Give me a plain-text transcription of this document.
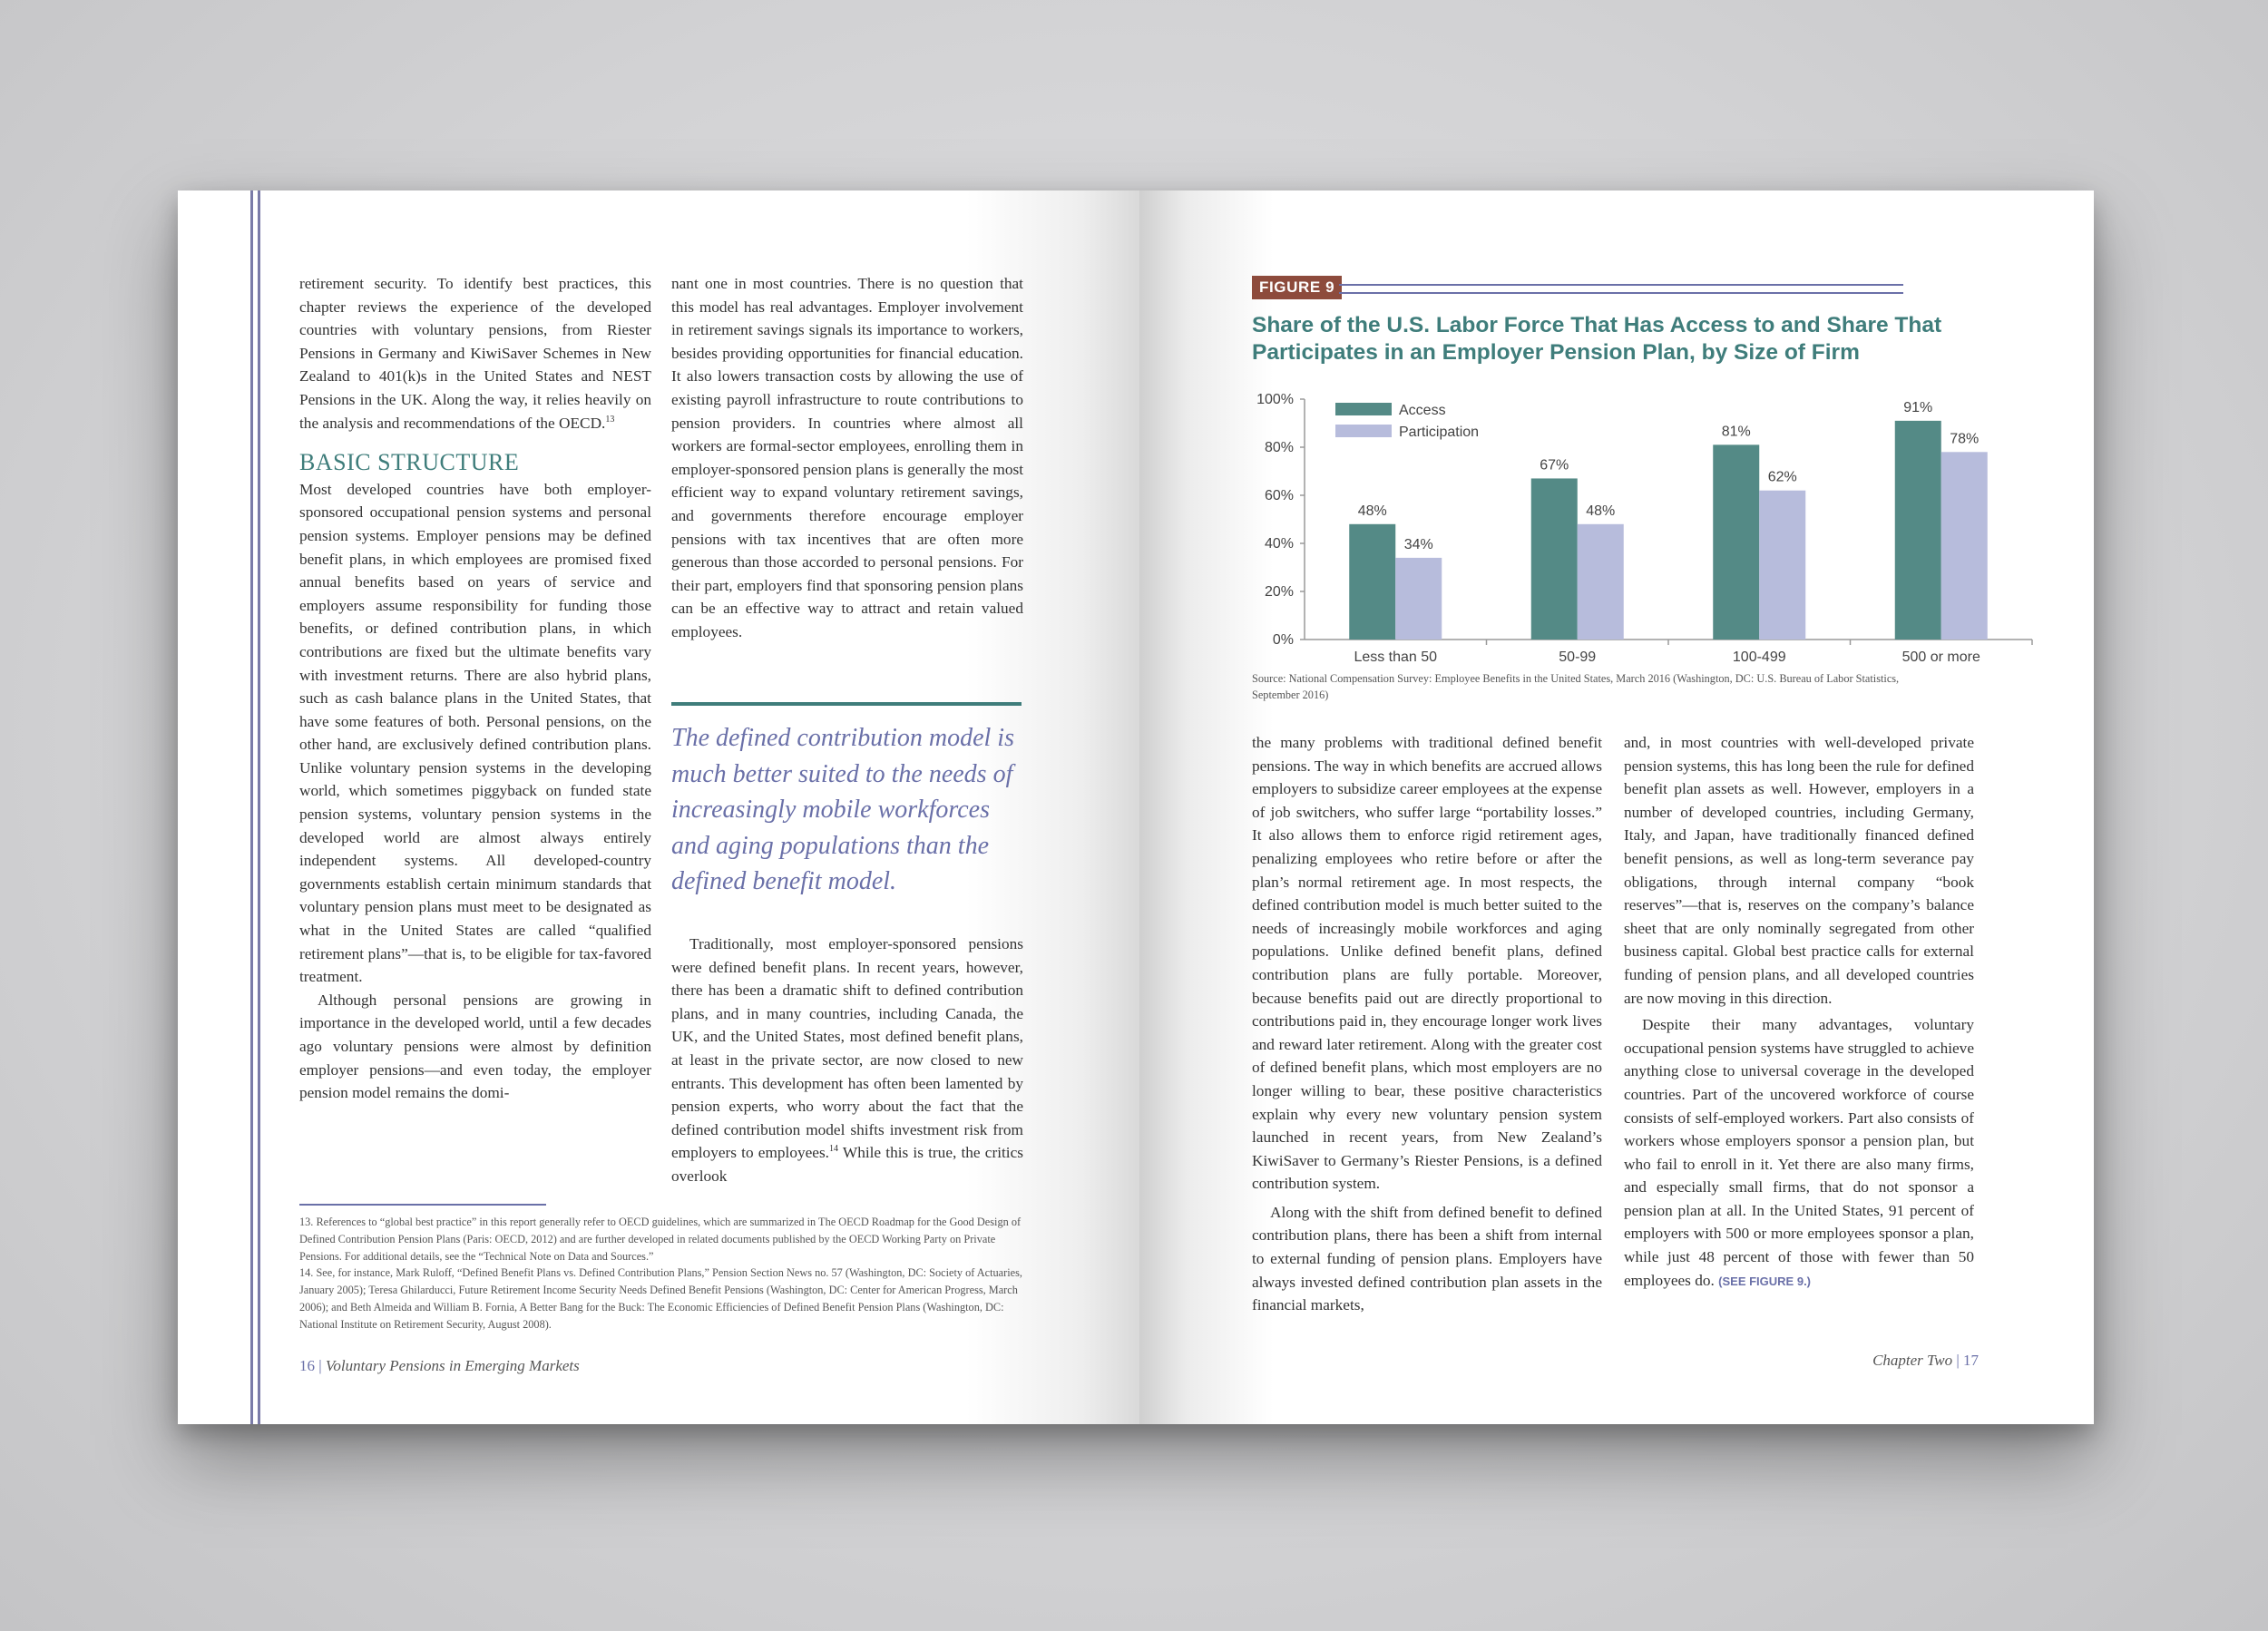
retirement security. To identify best practices, this chapter reviews the experience of the developed countries with voluntary pensions, from Riester Pensions in Germany and KiwiSaver Schemes in New Zealand to 401(k)s in the United States and NEST Pensions in the UK. Along the way, it relies heavily on the analysis and recommendations of the OECD.$^{13}$

BASIC STRUCTURE

Most developed countries have both employer-sponsored occupational pension systems and personal pension systems. Employer pensions may be defined benefit plans, in which employees are promised fixed annual benefits based on years of service and employers assume responsibility for funding those benefits, or defined contribution plans, in which contributions are fixed but the ultimate benefits vary with investment returns. There are also hybrid plans, such as cash balance plans in the United States, that have some features of both. Personal pensions, on the other hand, are exclusively defined contribution plans. Unlike voluntary pension systems in the developing world, which sometimes piggyback on funded state pension systems, voluntary pension systems in the developed world are almost always entirely independent systems. All developed-country governments establish certain minimum standards that voluntary pension plans must meet to be designated as what in the United States are called “qualified retirement plans”—that is, to be eligible for tax-favored treatment.

Although personal pensions are growing in importance in the developed world, until a few decades ago voluntary pensions were almost by definition employer pensions—and even today, the employer pension model remains the domi-

nant one in most countries. There is no question that this model has real advantages. Employer involvement in retirement savings signals its importance to workers, besides providing opportunities for financial education. It also lowers transaction costs by allowing the use of existing payroll infrastructure to route contributions to pension providers. In countries where almost all workers are formal-sector employees, enrolling them in employer-sponsored pension plans is generally the most efficient way to expand voluntary retirement savings, and governments therefore encourage employer pensions with tax incentives that are often more generous than those accorded to personal pensions. For their part, employers find that sponsoring pension plans can be an effective way to attract and retain valued employees.

The defined contribution model is much better suited to the needs of increasingly mobile workforces and aging populations than the defined benefit model.

Traditionally, most employer-sponsored pensions were defined benefit plans. In recent years, however, there has been a dramatic shift to defined contribution plans, and in many countries, including Canada, the UK, and the United States, most defined benefit plans, at least in the private sector, are now closed to new entrants. This development has often been lamented by pension experts, who worry about the fact that the defined contribution model shifts investment risk from employers to employees.$^{14}$ While this is true, the critics overlook

13. References to “global best practice” in this report generally refer to OECD guidelines, which are summarized in The OECD Roadmap for the Good Design of Defined Contribution Pension Plans (Paris: OECD, 2012) and are further developed in related documents published by the OECD Working Party on Private Pensions. For additional details, see the “Technical Note on Data and Sources.”

14. See, for instance, Mark Ruloff, “Defined Benefit Plans vs. Defined Contribution Plans,” Pension Section News no. 57 (Washington, DC: Society of Actuaries, January 2005); Teresa Ghilarducci, Future Retirement Income Security Needs Defined Benefit Pensions (Washington, DC: Center for American Progress, March 2006); and Beth Almeida and William B. Fornia, A Better Bang for the Buck: The Economic Efficiencies of Defined Benefit Pension Plans (Washington, DC: National Institute on Retirement Security, August 2008).

16 | Voluntary Pensions in Emerging Markets
FIGURE 9
Share of the U.S. Labor Force That Has Access to and Share That Participates in an Employer Pension Plan, by Size of Firm
0%
20%
40%
60%
80%
100%
48%
34%
Less than 50
67%
48%
50-99
81%
62%
100-499
91%
78%
500 or more
Access
Participation
Source: National Compensation Survey: Employee Benefits in the United States, March 2016 (Washington, DC: U.S. Bureau of Labor Statistics, September 2016)

the many problems with traditional defined benefit pensions. The way in which benefits are accrued allows employers to subsidize career employees at the expense of job switchers, who suffer large “portability losses.” It also allows them to enforce rigid retirement ages, penalizing employees who retire before or after the plan’s normal retirement age. In most respects, the defined contribution model is much better suited to the needs of increasingly mobile workforces and aging populations. Unlike defined benefit plans, defined contribution plans are fully portable. Moreover, because benefits paid out are directly proportional to contributions paid in, they encourage longer work lives and reward later retirement. Along with the greater cost of defined benefit plans, which most employers are no longer willing to bear, these positive characteristics explain why every new voluntary pension system launched in recent years, from New Zealand’s KiwiSaver to Germany’s Riester Pensions, is a defined contribution system.

Along with the shift from defined benefit to defined contribution plans, there has been a shift from internal to external funding of pension plans. Employers have always invested defined contribution plan assets in the financial markets,

and, in most countries with well-developed private pension systems, this has long been the rule for defined benefit plan assets as well. However, employers in a number of developed countries, including Germany, Italy, and Japan, have traditionally financed defined benefit pensions, as well as long-term severance pay obligations, through internal company “book reserves”—that is, reserves on the company’s balance sheet that are only nominally segregated from other business capital. Global best practice calls for external funding of pension plans, and all developed countries are now moving in this direction.

Despite their many advantages, voluntary occupational pension systems have struggled to achieve anything close to universal coverage in the developed countries. Part of the uncovered workforce of course consists of self-employed workers. Part also consists of workers whose employers sponsor a pension plan, but who fail to enroll in it. Yet there are also many firms, and especially small firms, that do not sponsor a pension plan at all. In the United States, 91 percent of employers with 500 or more employees sponsor a plan, while just 48 percent of those with fewer than 50 employees do. (SEE FIGURE 9.)

Chapter Two | 17
